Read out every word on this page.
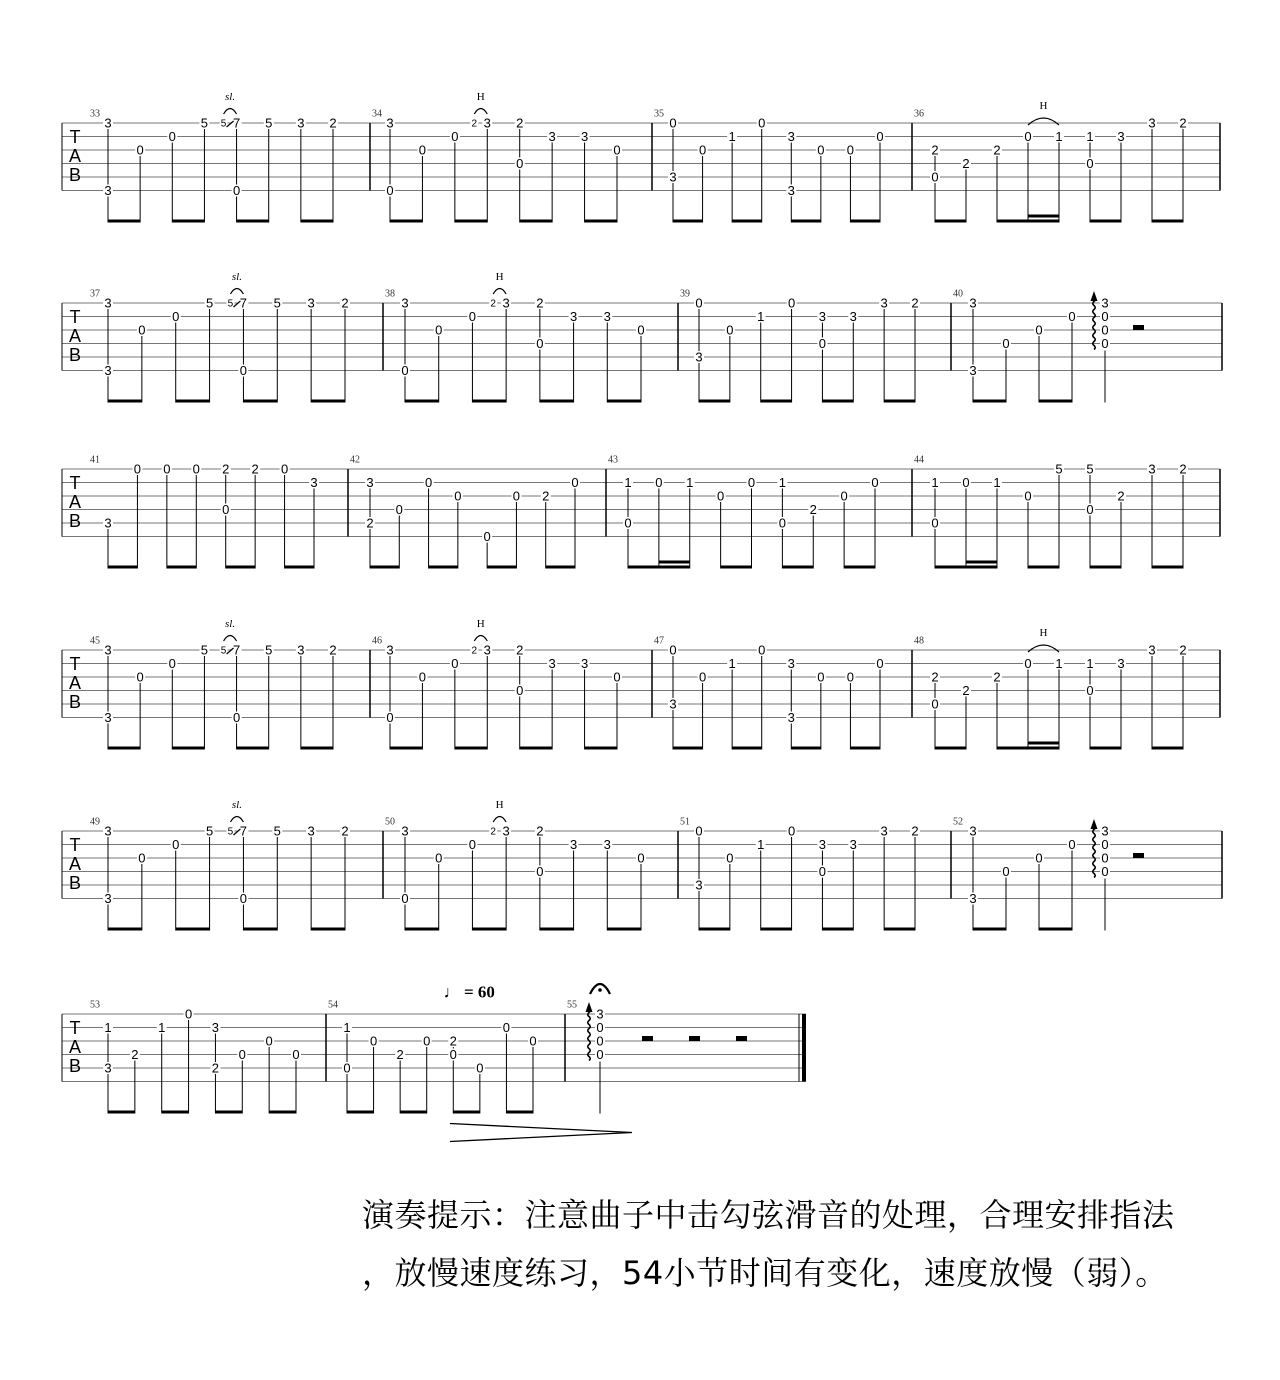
T
A
B
33
3
3
0
0
5 7
0
5
sl.
5 3 2
34
3
0
0
0
3
2
H
2
0
3 3
0
35
0
3
0
1
0
3
3
0 0
0
36
2
0
2
2
0 1 1
0
3
3 2
H
T
A
B
37
3
3
0
0
5 7
0
5
sl.
5 3 2
38
3
0
0
0
3
2
H
2
0
3 3
0
39
0
3
0
1
0
3
0
3
3 2
40
3
3
0
0
0
3
0
0
0
T
A
B
41
3
0 0 0 2
0
2 0
3
42
3
2
0
0
0
0
0 2
0
43
1
0
0 1
0
0 1
0
2
0
0
44
1
0
0 1
0
5 5
0
2
3 2
T
A
B
45
3
3
0
0
5 7
0
5
sl.
5 3 2
46
3
0
0
0
3
2
H
2
0
3 3
0
47
0
3
0
1
0
3
3
0 0
0
48
2
0
2
2
0 1 1
0
3
3 2
H
T
A
B
49
3
3
0
0
5 7
0
5
sl.
5 3 2
50
3
0
0
0
3
2
H
2
0
3 3
0
51
0
3
0
1
0
3
0
3
3 2
52
3
3
0
0
0
3
0
0
0
T
A
B
53
1
3
2
1
0
3
2
0
0
0
54
1
0
0
2
0 2
0
0
0
0
♩ = 60
55
3
0
0
0
演奏提示：注意曲子中击勾弦滑音的处理，合理安排指法
，放慢速度练习，54小节时间有变化，速度放慢（弱）。
